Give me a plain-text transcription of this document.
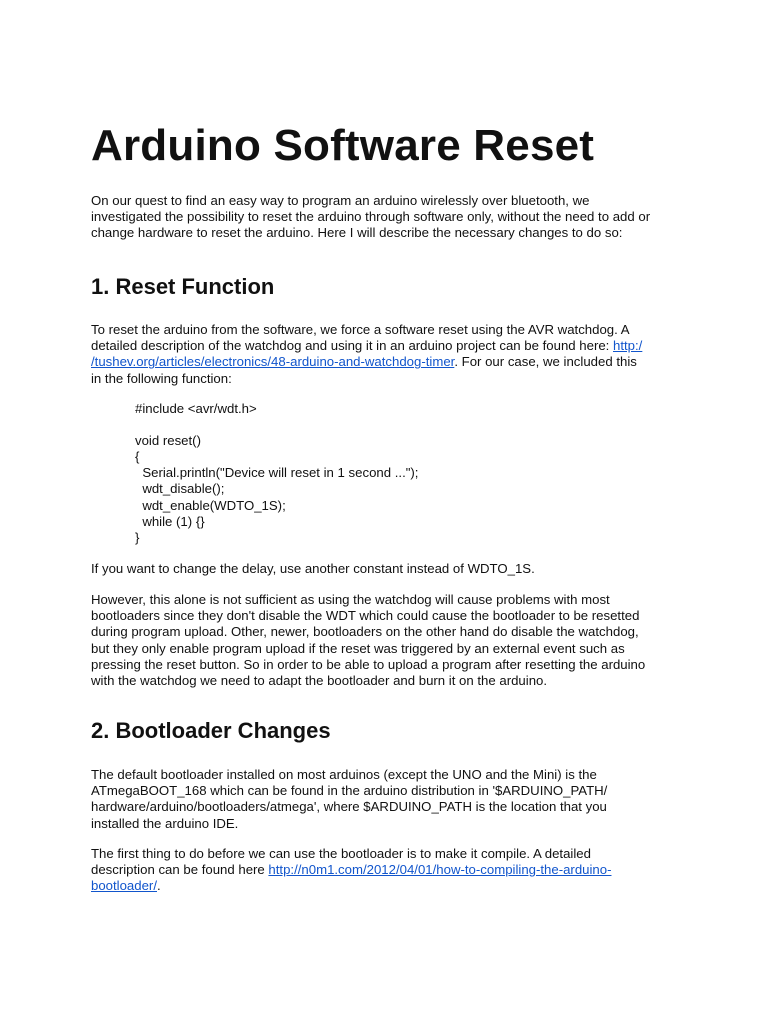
Arduino Software Reset
On our quest to find an easy way to program an arduino wirelessly over bluetooth, we
investigated the possibility to reset the arduino through software only, without the need to add or
change hardware to reset the arduino. Here I will describe the necessary changes to do so:
1. Reset Function
To reset the arduino from the software, we force a software reset using the AVR watchdog. A
detailed description of the watchdog and using it in an arduino project can be found here: http:/
/tushev.org/articles/electronics/48-arduino-and-watchdog-timer. For our case, we included this
in the following function:
#include <avr/wdt.h>
void reset()
{
Serial.println("Device will reset in 1 second ...");
wdt_disable();
wdt_enable(WDTO_1S);
while (1) {}
}
If you want to change the delay, use another constant instead of WDTO_1S.
However, this alone is not sufficient as using the watchdog will cause problems with most
bootloaders since they don't disable the WDT which could cause the bootloader to be resetted
during program upload. Other, newer, bootloaders on the other hand do disable the watchdog,
but they only enable program upload if the reset was triggered by an external event such as
pressing the reset button. So in order to be able to upload a program after resetting the arduino
with the watchdog we need to adapt the bootloader and burn it on the arduino.
2. Bootloader Changes
The default bootloader installed on most arduinos (except the UNO and the Mini) is the
ATmegaBOOT_168 which can be found in the arduino distribution in '$ARDUINO_PATH/
hardware/arduino/bootloaders/atmega', where $ARDUINO_PATH is the location that you
installed the arduino IDE.
The first thing to do before we can use the bootloader is to make it compile. A detailed
description can be found here http://n0m1.com/2012/04/01/how-to-compiling-the-arduino-
bootloader/.
